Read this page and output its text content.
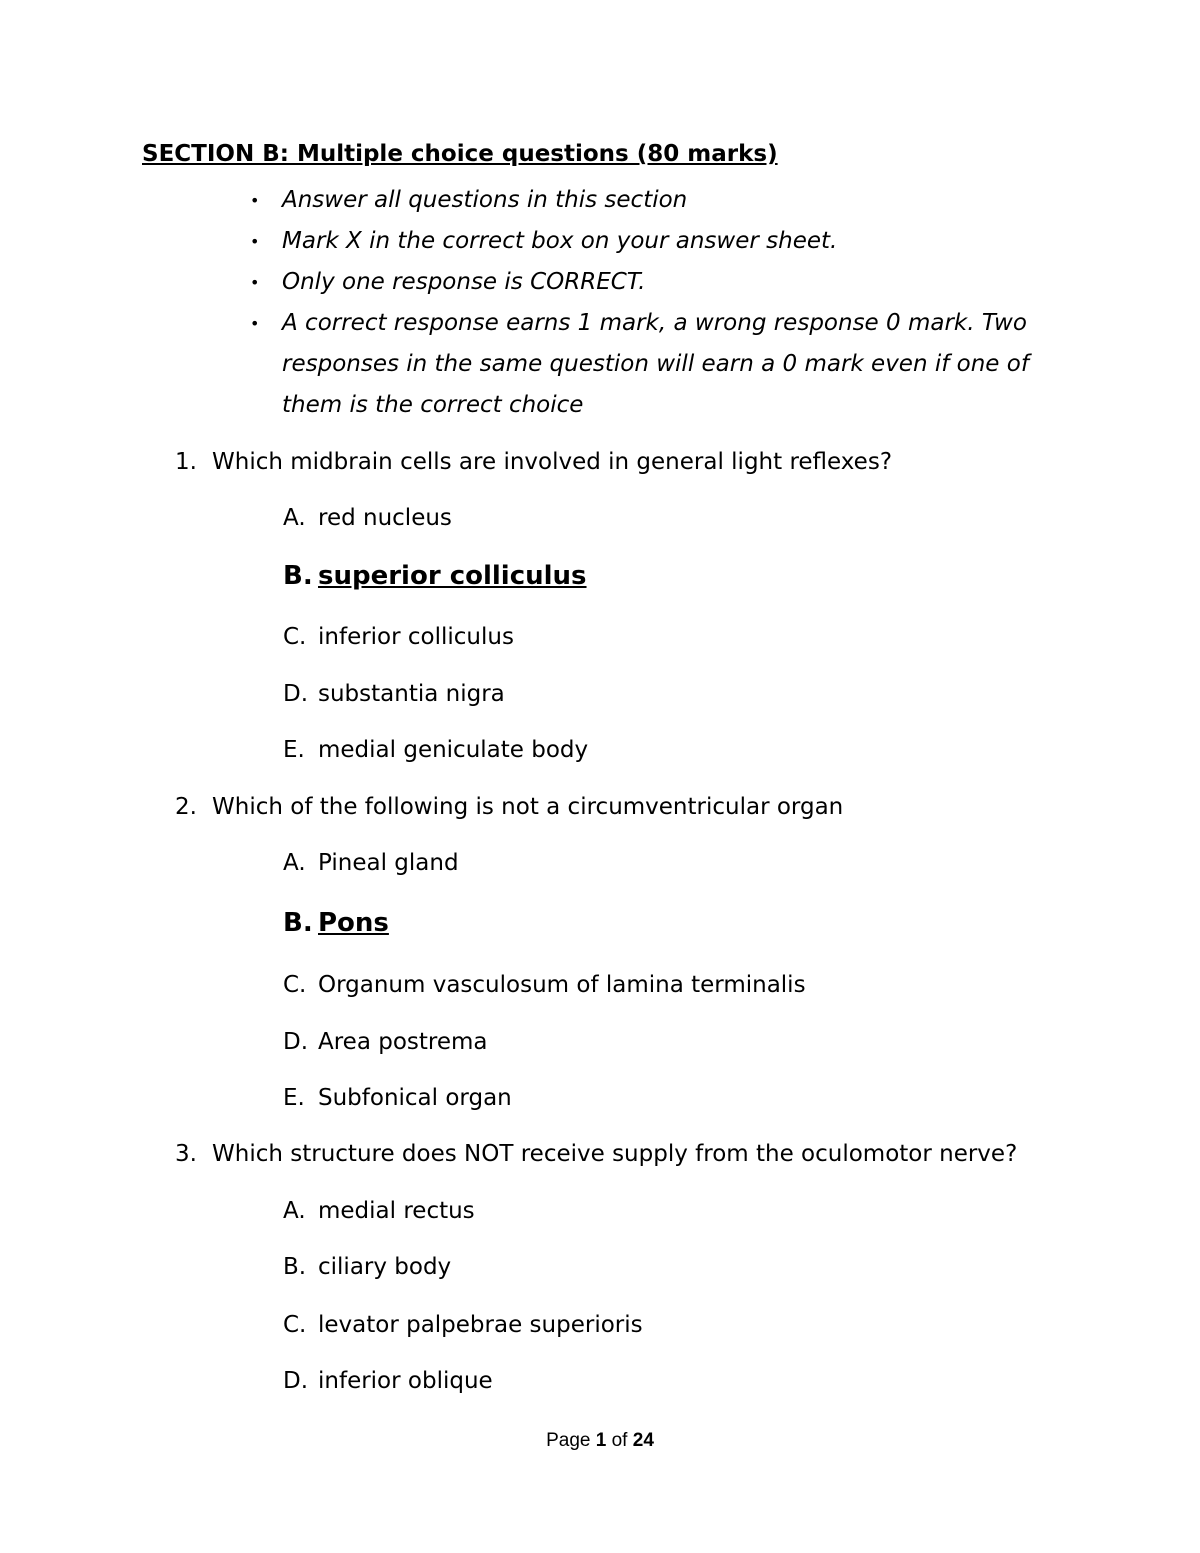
SECTION B: Multiple choice questions (80 marks)
• Answer all questions in this section
• Mark X in the correct box on your answer sheet.
• Only one response is CORRECT.
• A correct response earns 1 mark, a wrong response 0 mark. Two responses in the same question will earn a 0 mark even if one of them is the correct choice
1. Which midbrain cells are involved in general light reflexes?
A. red nucleus
B. superior colliculus
C. inferior colliculus
D. substantia nigra
E. medial geniculate body
2. Which of the following is not a circumventricular organ
A. Pineal gland
B. Pons
C. Organum vasculosum of lamina terminalis
D. Area postrema
E. Subfonical organ
3. Which structure does NOT receive supply from the oculomotor nerve?
A. medial rectus
B. ciliary body
C. levator palpebrae superioris
D. inferior oblique
Page 1 of 24
